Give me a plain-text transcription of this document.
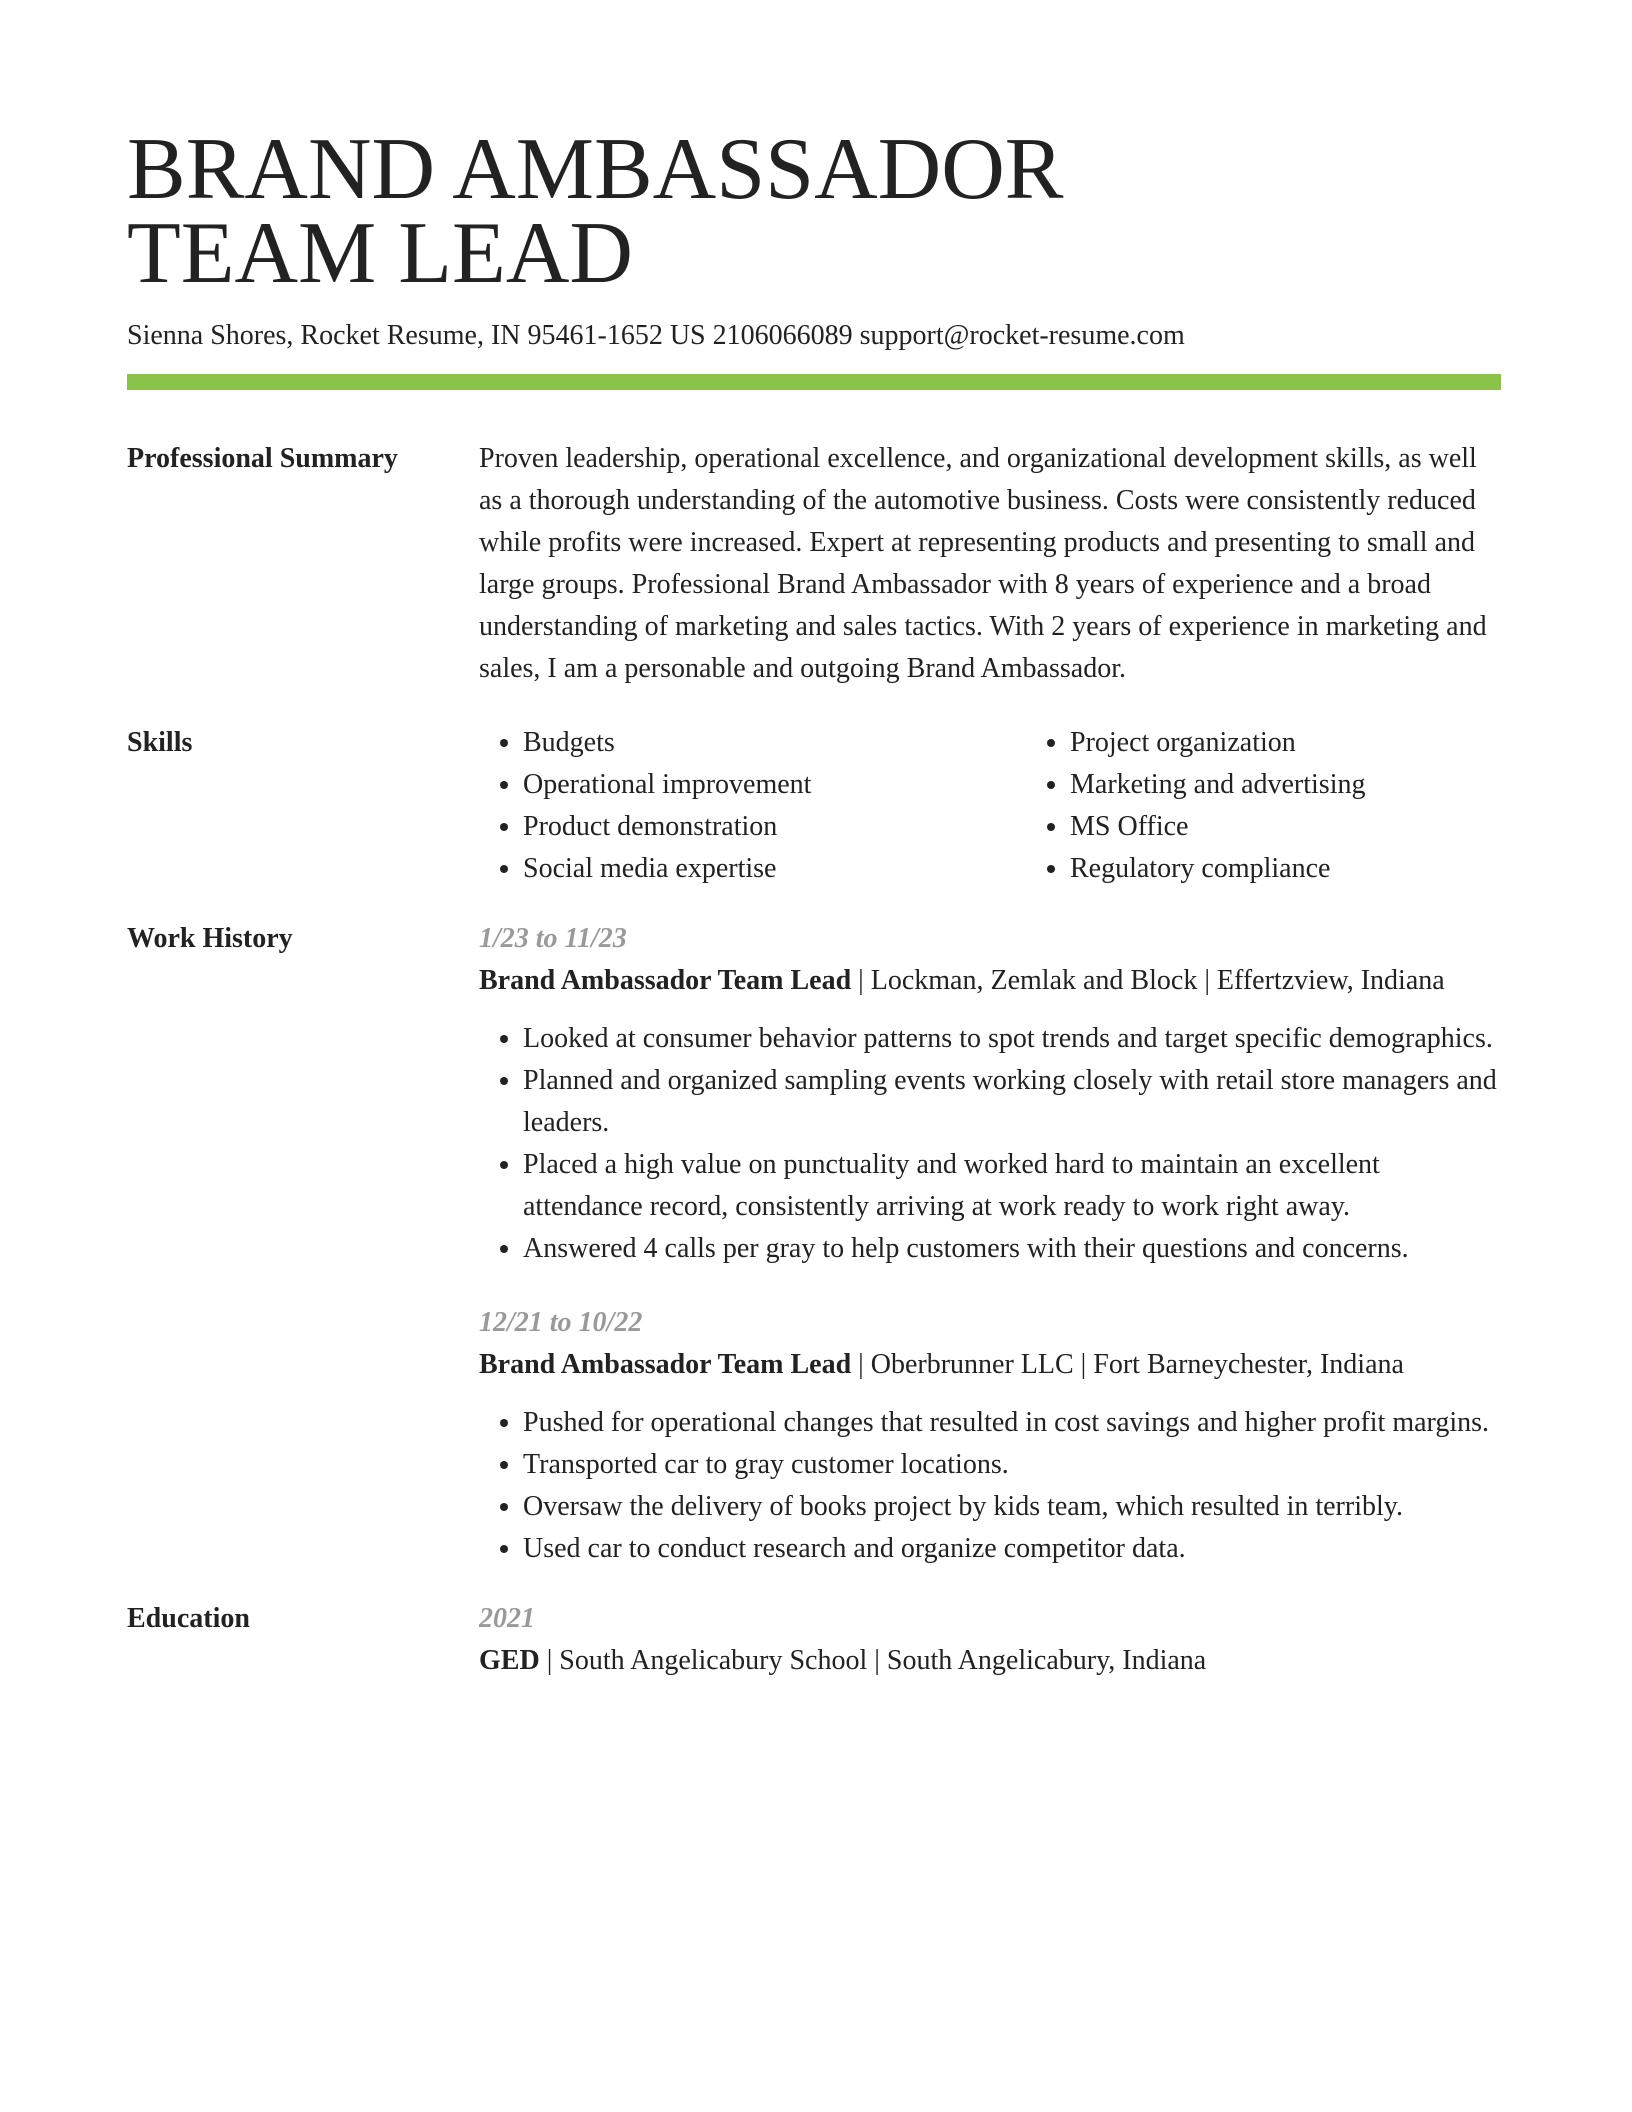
BRAND AMBASSADOR
TEAM LEAD
Sienna Shores, Rocket Resume, IN 95461-1652 US 2106066089 support@rocket-resume.com
Professional Summary	Proven leadership, operational excellence, and organizational development skills, as well as a thorough understanding of the automotive business. Costs were consistently reduced while profits were increased. Expert at representing products and presenting to small and large groups. Professional Brand Ambassador with 8 years of experience and a broad understanding of marketing and sales tactics. With 2 years of experience in marketing and sales, I am a personable and outgoing Brand Ambassador.

Skills
•	Budgets
• Operational improvement
• Product demonstration
• Social media expertise
• Project organization
• Marketing and advertising
• MS Office
• Regulatory compliance
Work History	1/23 to 11/23
Brand Ambassador Team Lead | Lockman, Zemlak and Block | Effertzview, Indiana
• Looked at consumer behavior patterns to spot trends and target specific demographics.
• Planned and organized sampling events working closely with retail store managers and leaders.
• Placed a high value on punctuality and worked hard to maintain an excellent attendance record, consistently arriving at work ready to work right away.
• Answered 4 calls per gray to help customers with their questions and concerns.
12/21 to 10/22
Brand Ambassador Team Lead | Oberbrunner LLC | Fort Barneychester, Indiana
• Pushed for operational changes that resulted in cost savings and higher profit margins.
• Transported car to gray customer locations.
• Oversaw the delivery of books project by kids team, which resulted in terribly.
• Used car to conduct research and organize competitor data.
Education	2021
GED | South Angelicabury School | South Angelicabury, Indiana
